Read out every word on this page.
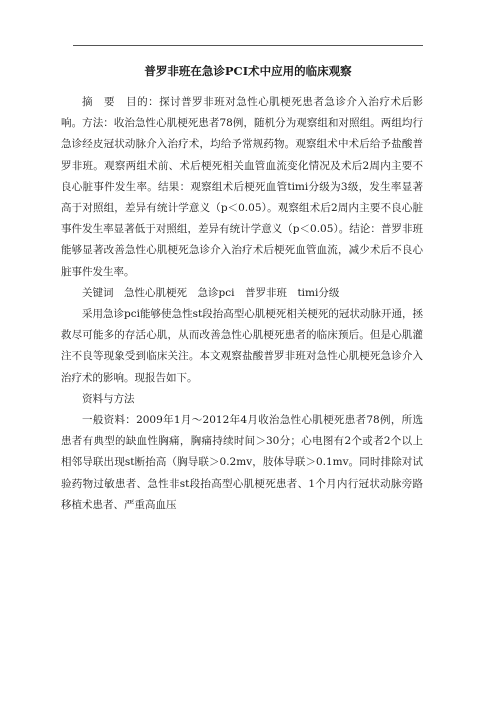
普罗非班在急诊PCI术中应用的临床观察

摘　要　目的：探讨普罗非班对急性心肌梗死患者急诊介入治疗术后影响。方法：收治急性心肌梗死患者78例，随机分为观察组和对照组。两组均行急诊经皮冠状动脉介入治疗术，均给予常规药物。观察组术中术后给予盐酸普罗非班。观察两组术前、术后梗死相关血管血流变化情况及术后2周内主要不良心脏事件发生率。结果：观察组术后梗死血管timi分级为3级，发生率显著高于对照组，差异有统计学意义（p＜0.05）。观察组术后2周内主要不良心脏事件发生率显著低于对照组，差异有统计学意义（p＜0.05）。结论：普罗非班能够显著改善急性心肌梗死急诊介入治疗术后梗死血管血流，减少术后不良心脏事件发生率。

关键词　急性心肌梗死　急诊pci　普罗非班　timi分级

采用急诊pci能够使急性st段抬高型心肌梗死相关梗死的冠状动脉开通，拯救尽可能多的存活心肌，从而改善急性心肌梗死患者的临床预后。但是心肌灌注不良等现象受到临床关注。本文观察盐酸普罗非班对急性心肌梗死急诊介入治疗术的影响。现报告如下。

资料与方法

一般资料：2009年1月～2012年4月收治急性心肌梗死患者78例，所选患者有典型的缺血性胸痛，胸痛持续时间＞30分；心电图有2个或者2个以上相邻导联出现st断抬高（胸导联＞0.2mv，肢体导联＞0.1mv。同时排除对试验药物过敏患者、急性非st段抬高型心肌梗死患者、1个月内行冠状动脉旁路移植术患者、严重高血压
